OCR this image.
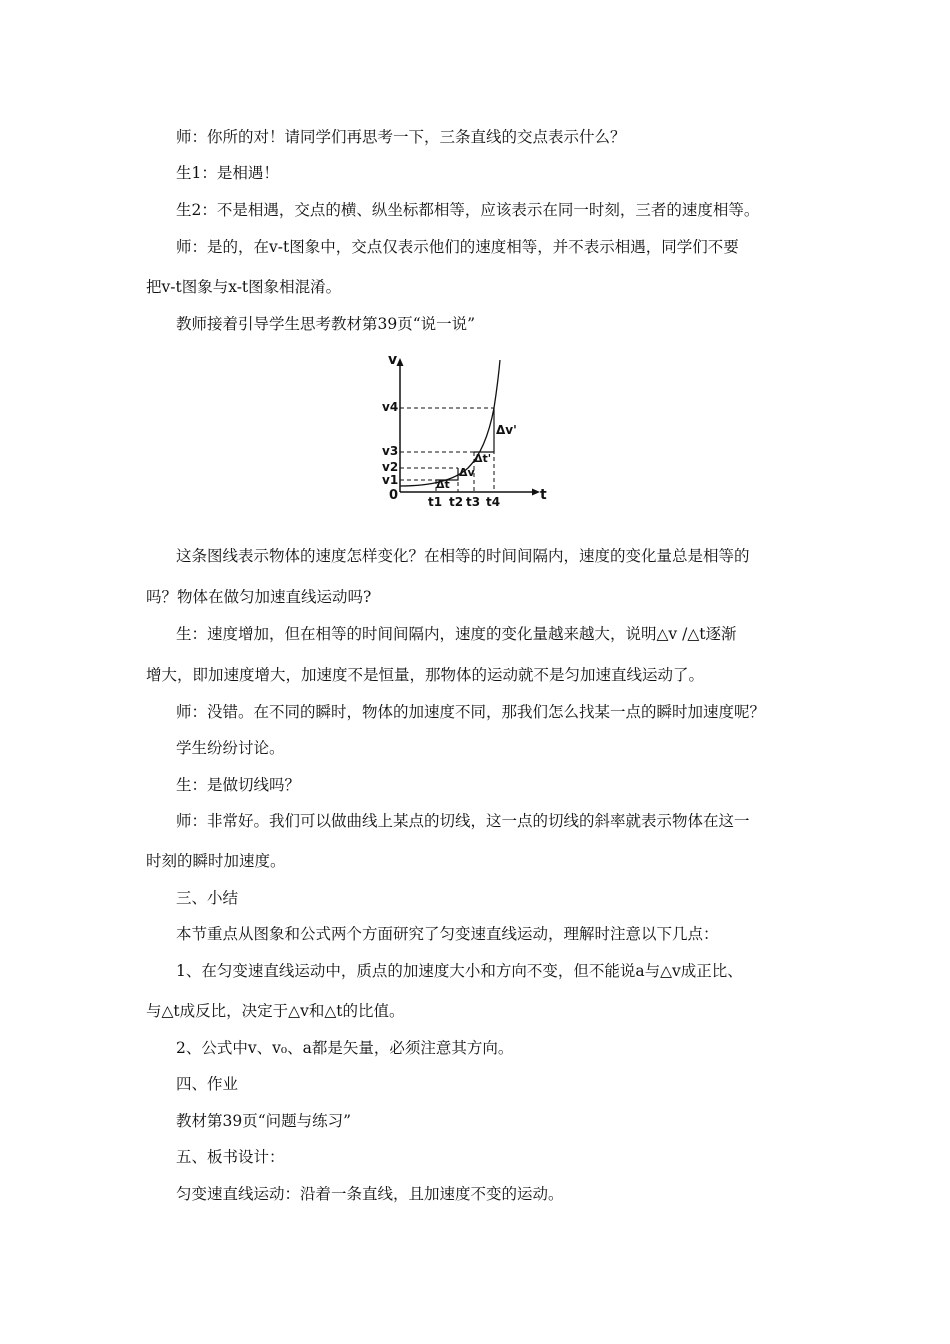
师：你所的对！请同学们再思考一下，三条直线的交点表示什么？
生1：是相遇！
生2：不是相遇，交点的横、纵坐标都相等，应该表示在同一时刻，三者的速度相等。
师：是的，在v-t图象中，交点仅表示他们的速度相等，并不表示相遇，同学们不要
把v-t图象与x-t图象相混淆。
教师接着引导学生思考教材第39页“说一说”
v
t
0
v1
v2
v3
v4
t1 t2 t3 t4
Δt
Δv
Δt'
Δv'
这条图线表示物体的速度怎样变化？在相等的时间间隔内，速度的变化量总是相等的
吗？物体在做匀加速直线运动吗?
生：速度增加，但在相等的时间间隔内，速度的变化量越来越大，说明△v /△t逐渐
增大，即加速度增大，加速度不是恒量，那物体的运动就不是匀加速直线运动了。
师：没错。在不同的瞬时，物体的加速度不同，那我们怎么找某一点的瞬时加速度呢？
学生纷纷讨论。
生：是做切线吗？
师：非常好。我们可以做曲线上某点的切线，这一点的切线的斜率就表示物体在这一
时刻的瞬时加速度。
三、小结
本节重点从图象和公式两个方面研究了匀变速直线运动，理解时注意以下几点：
1、在匀变速直线运动中，质点的加速度大小和方向不变，但不能说a与△v成正比、
与△t成反比，决定于△v和△t的比值。
2、公式中v、v₀、a都是矢量，必须注意其方向。
四、作业
教材第39页“问题与练习”
五、板书设计：
匀变速直线运动：沿着一条直线，且加速度不变的运动。
